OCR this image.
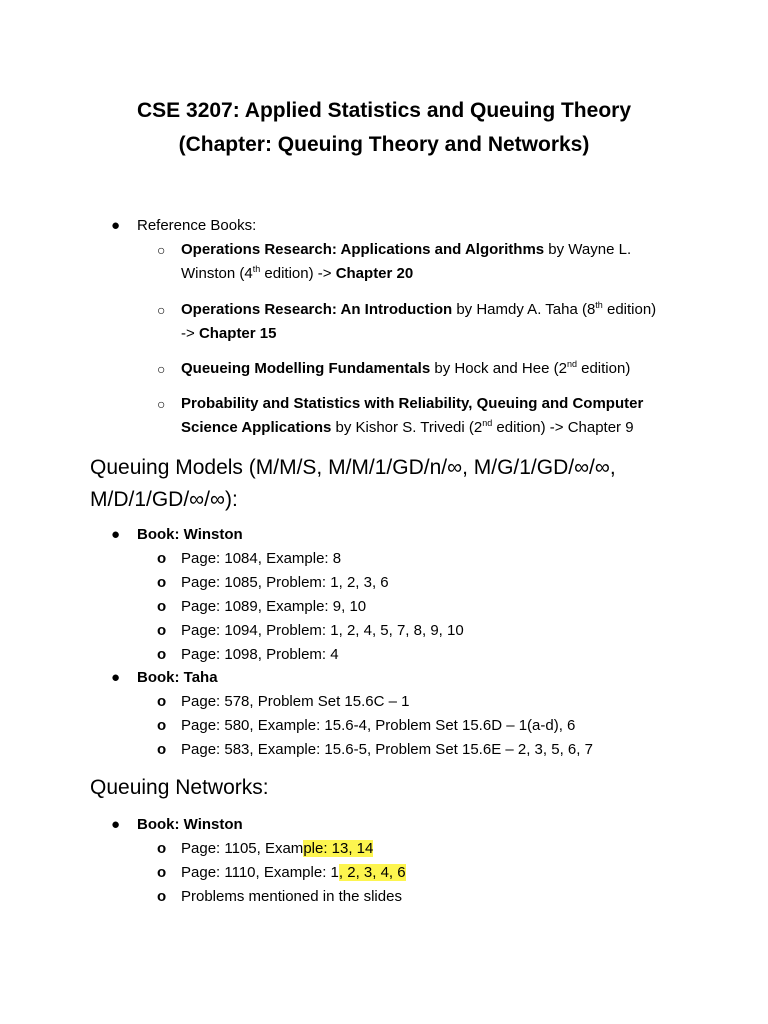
CSE 3207: Applied Statistics and Queuing Theory
(Chapter: Queuing Theory and Networks)
● Reference Books:
○ Operations Research: Applications and Algorithms by Wayne L.
Winston (4th edition) -> Chapter 20
○ Operations Research: An Introduction by Hamdy A. Taha (8th edition)
-> Chapter 15
○ Queueing Modelling Fundamentals by Hock and Hee (2nd edition)
○ Probability and Statistics with Reliability, Queuing and Computer
Science Applications by Kishor S. Trivedi (2nd edition) -> Chapter 9
Queuing Models (M/M/S, M/M/1/GD/n/∞, M/G/1/GD/∞/∞,
M/D/1/GD/∞/∞):
● Book: Winston
o Page: 1084, Example: 8
o Page: 1085, Problem: 1, 2, 3, 6
o Page: 1089, Example: 9, 10
o Page: 1094, Problem: 1, 2, 4, 5, 7, 8, 9, 10
o Page: 1098, Problem: 4
● Book: Taha
o Page: 578, Problem Set 15.6C – 1
o Page: 580, Example: 15.6-4, Problem Set 15.6D – 1(a-d), 6
o Page: 583, Example: 15.6-5, Problem Set 15.6E – 2, 3, 5, 6, 7
Queuing Networks:
● Book: Winston
o Page: 1105, Example: 13, 14
o Page: 1110, Example: 1, 2, 3, 4, 6
o Problems mentioned in the slides
